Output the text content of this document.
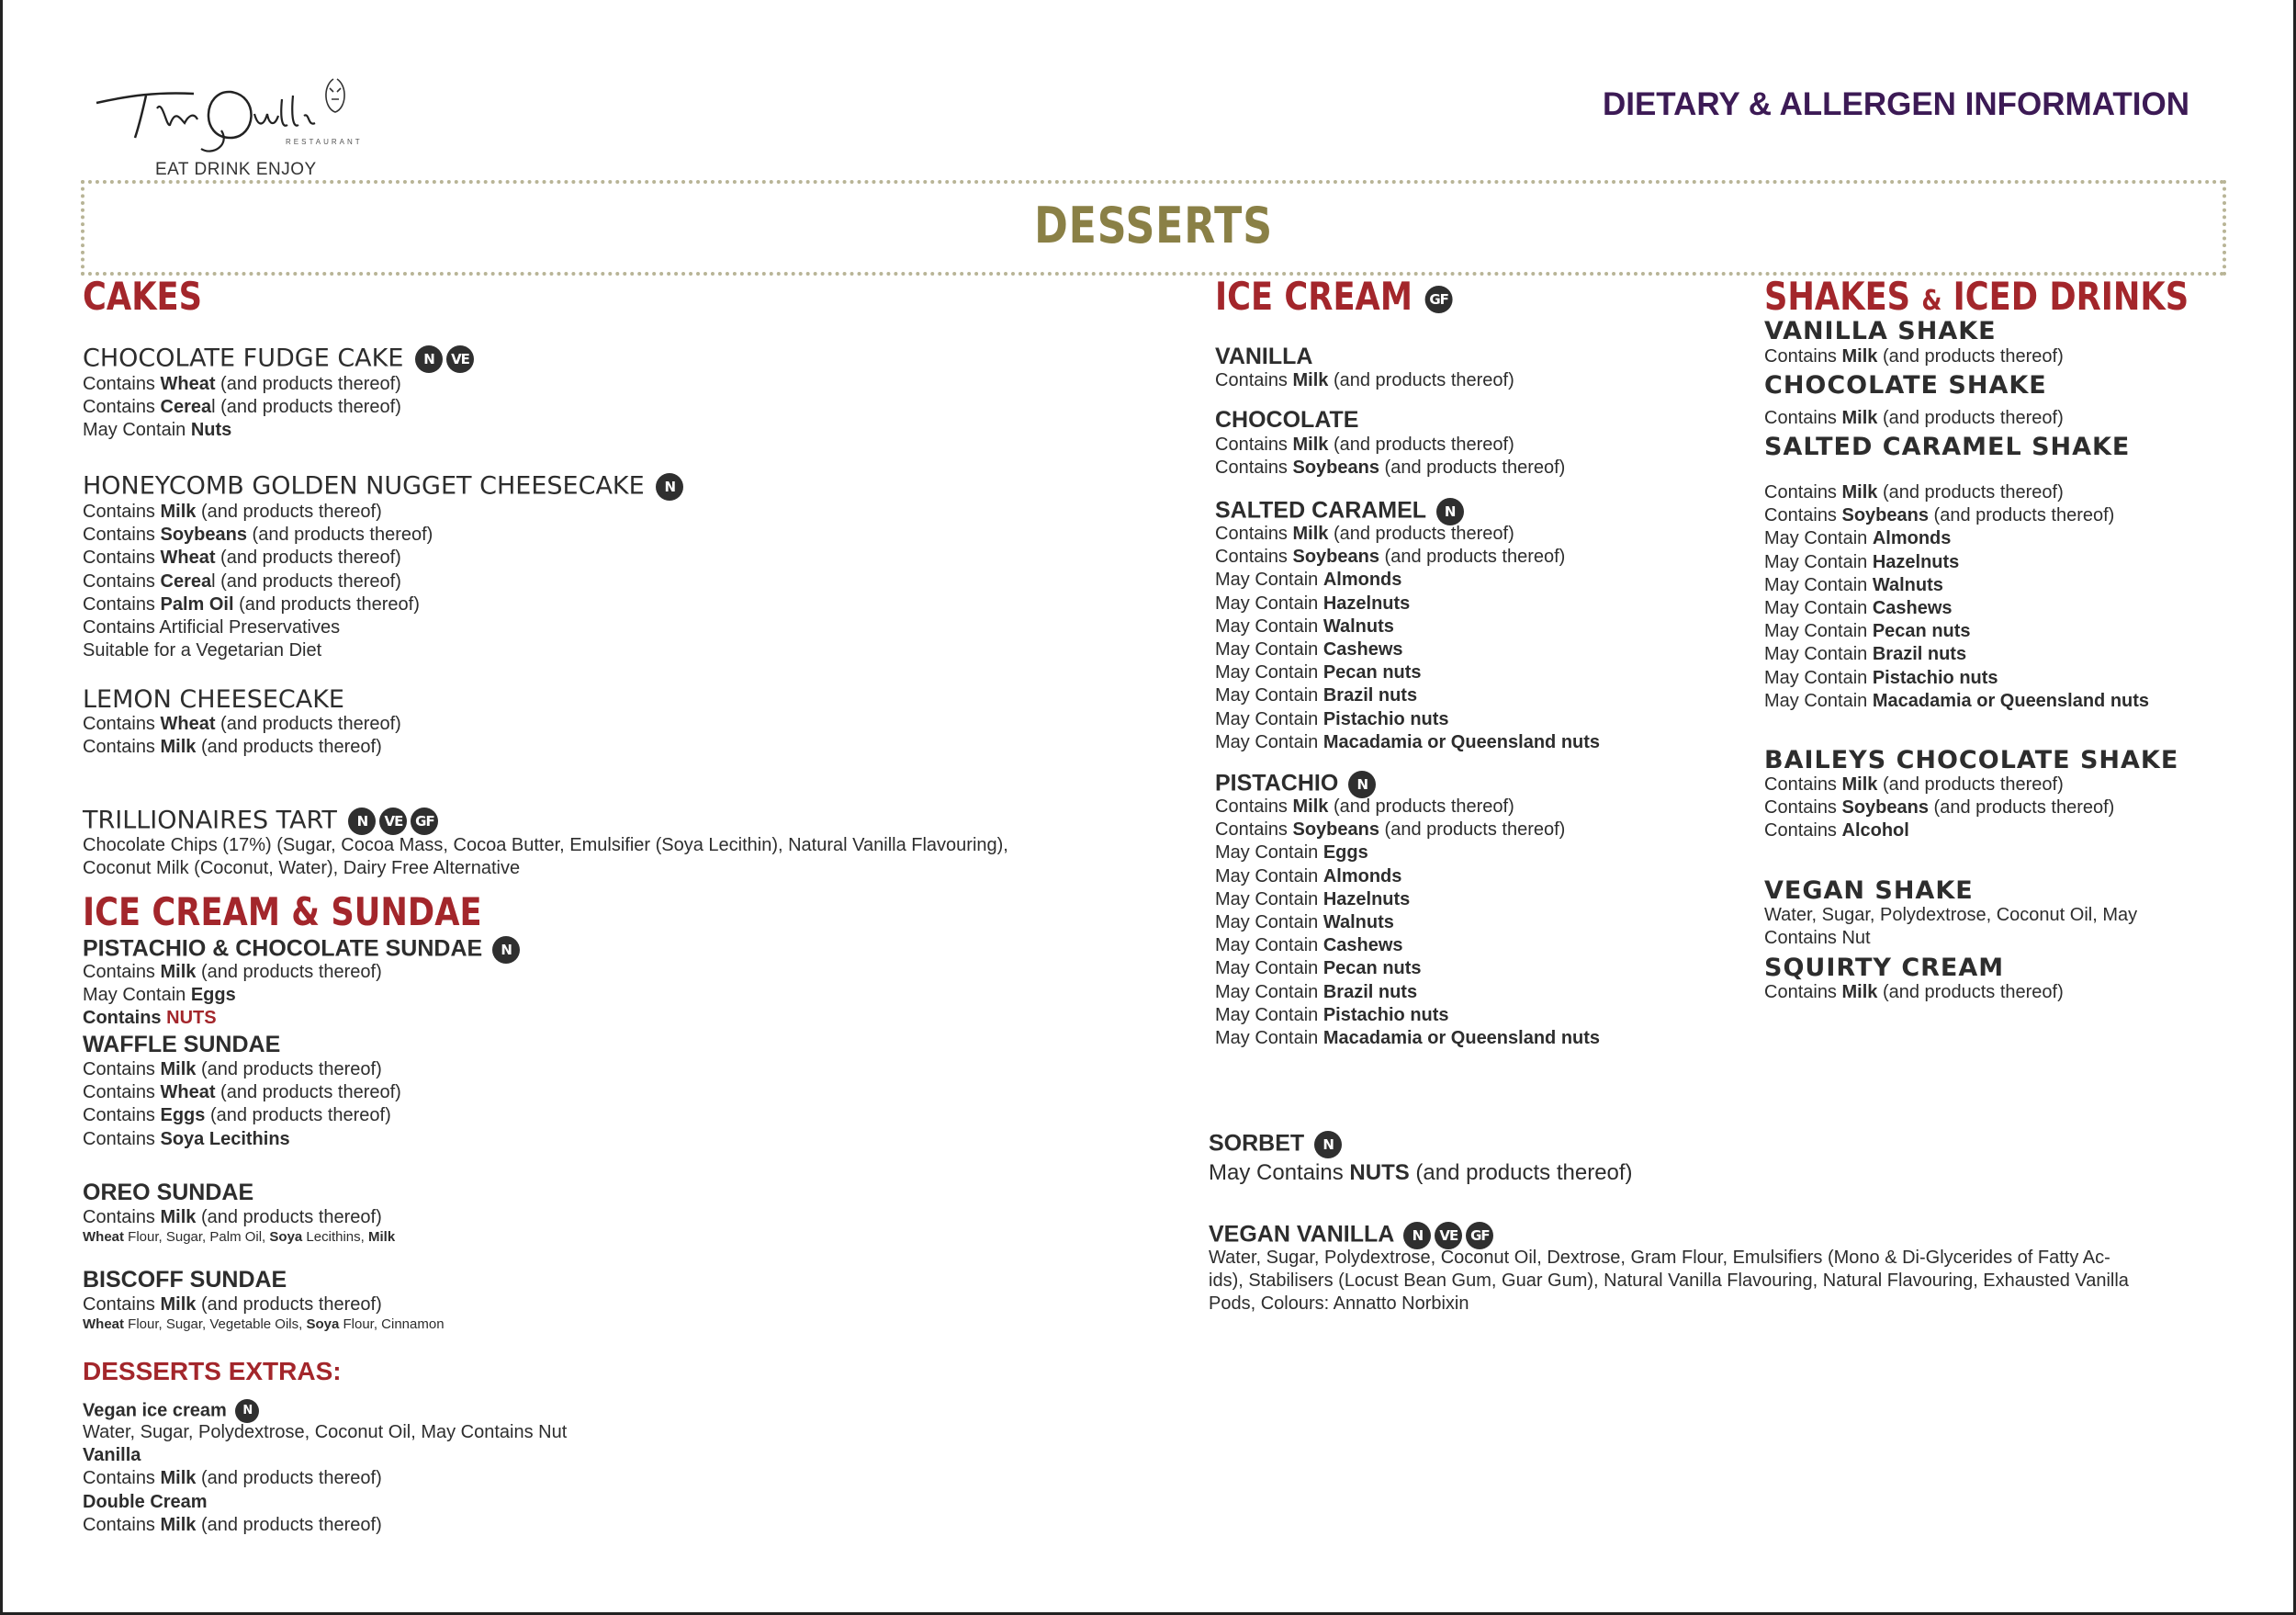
RESTAURANT
EAT DRINK ENJOY
DIETARY & ALLERGEN INFORMATION
DESSERTS
CAKES
CHOCOLATE FUDGE CAKE N VE
Contains Wheat (and products thereof)
Contains Cereal (and products thereof)
May Contain Nuts
HONEYCOMB GOLDEN NUGGET CHEESECAKE N
Contains Milk (and products thereof)
Contains Soybeans (and products thereof)
Contains Wheat (and products thereof)
Contains Cereal (and products thereof)
Contains Palm Oil (and products thereof)
Contains Artificial Preservatives
Suitable for a Vegetarian Diet
LEMON CHEESECAKE
Contains Wheat (and products thereof)
Contains Milk (and products thereof)
TRILLIONAIRES TART N VE GF
Chocolate Chips (17%) (Sugar, Cocoa Mass, Cocoa Butter, Emulsifier (Soya Lecithin), Natural Vanilla Flavouring),
Coconut Milk (Coconut, Water), Dairy Free Alternative
ICE CREAM & SUNDAE
PISTACHIO & CHOCOLATE SUNDAE N
Contains Milk (and products thereof)
May Contain Eggs
Contains NUTS
WAFFLE SUNDAE
Contains Milk (and products thereof)
Contains Wheat (and products thereof)
Contains Eggs (and products thereof)
Contains Soya Lecithins
OREO SUNDAE
Contains Milk (and products thereof)
Wheat Flour, Sugar, Palm Oil, Soya Lecithins, Milk
BISCOFF SUNDAE
Contains Milk (and products thereof)
Wheat Flour, Sugar, Vegetable Oils, Soya Flour, Cinnamon
DESSERTS EXTRAS:
Vegan ice cream N
Water, Sugar, Polydextrose, Coconut Oil, May Contains Nut
Vanilla
Contains Milk (and products thereof)
Double Cream
Contains Milk (and products thereof)
ICE CREAM GF
VANILLA
Contains Milk (and products thereof)
CHOCOLATE
Contains Milk (and products thereof)
Contains Soybeans (and products thereof)
SALTED CARAMEL N
Contains Milk (and products thereof)
Contains Soybeans (and products thereof)
May Contain Almonds
May Contain Hazelnuts
May Contain Walnuts
May Contain Cashews
May Contain Pecan nuts
May Contain Brazil nuts
May Contain Pistachio nuts
May Contain Macadamia or Queensland nuts
PISTACHIO N
Contains Milk (and products thereof)
Contains Soybeans (and products thereof)
May Contain Eggs
May Contain Almonds
May Contain Hazelnuts
May Contain Walnuts
May Contain Cashews
May Contain Pecan nuts
May Contain Brazil nuts
May Contain Pistachio nuts
May Contain Macadamia or Queensland nuts
SORBET N
May Contains NUTS (and products thereof)
VEGAN VANILLA N VE GF
Water, Sugar, Polydextrose, Coconut Oil, Dextrose, Gram Flour, Emulsifiers (Mono & Di-Glycerides of Fatty Ac-
ids), Stabilisers (Locust Bean Gum, Guar Gum), Natural Vanilla Flavouring, Natural Flavouring, Exhausted Vanilla
Pods, Colours: Annatto Norbixin
SHAKES & ICED DRINKS
VANILLA SHAKE
Contains Milk (and products thereof)
CHOCOLATE SHAKE
Contains Milk (and products thereof)
SALTED CARAMEL SHAKE
Contains Milk (and products thereof)
Contains Soybeans (and products thereof)
May Contain Almonds
May Contain Hazelnuts
May Contain Walnuts
May Contain Cashews
May Contain Pecan nuts
May Contain Brazil nuts
May Contain Pistachio nuts
May Contain Macadamia or Queensland nuts
BAILEYS CHOCOLATE SHAKE
Contains Milk (and products thereof)
Contains Soybeans (and products thereof)
Contains Alcohol
VEGAN SHAKE
Water, Sugar, Polydextrose, Coconut Oil, May
Contains Nut
SQUIRTY CREAM
Contains Milk (and products thereof)
